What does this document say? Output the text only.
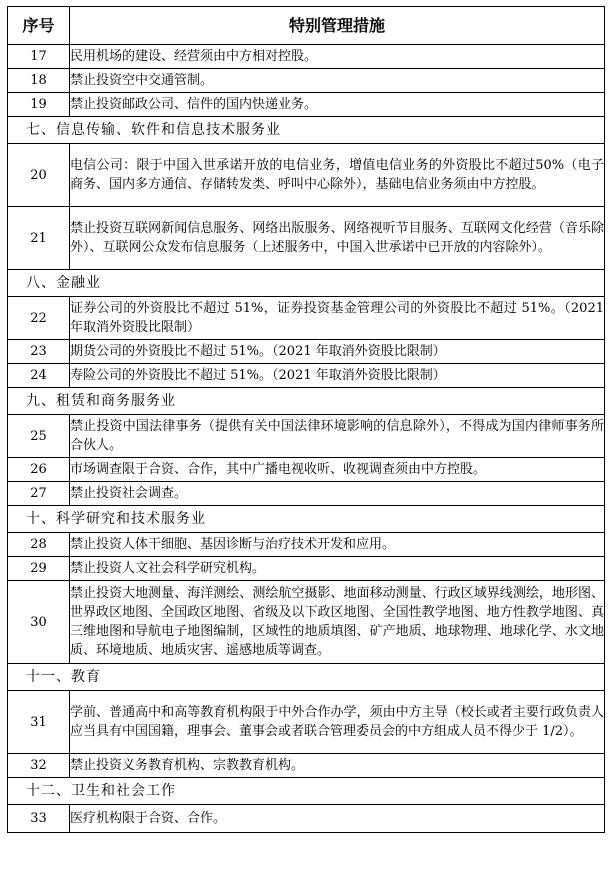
序号	特别管理措施
17	民用机场的建设、经营须由中方相对控股。
18	禁止投资空中交通管制。
19	禁止投资邮政公司、信件的国内快递业务。
七、信息传输、软件和信息技术服务业	
20	电信公司：限于中国入世承诺开放的电信业务，增值电信业务的外资股比不超过50%（电子商务、国内多方通信、存储转发类、呼叫中心除外），基础电信业务须由中方控股。
21	禁止投资互联网新闻信息服务、网络出版服务、网络视听节目服务、互联网文化经营（音乐除外）、互联网公众发布信息服务（上述服务中，中国入世承诺中已开放的内容除外）。
八、金融业	
22	证券公司的外资股比不超过 51%，证券投资基金管理公司的外资股比不超过 51%。（2021 年取消外资股比限制）
23	期货公司的外资股比不超过 51%。（2021 年取消外资股比限制）
24	寿险公司的外资股比不超过 51%。（2021 年取消外资股比限制）
九、租赁和商务服务业	
25	禁止投资中国法律事务（提供有关中国法律环境影响的信息除外），不得成为国内律师事务所合伙人。
26	市场调查限于合资、合作，其中广播电视收听、收视调查须由中方控股。
27	禁止投资社会调查。
十、科学研究和技术服务业	
28	禁止投资人体干细胞、基因诊断与治疗技术开发和应用。
29	禁止投资人文社会科学研究机构。
30	禁止投资大地测量、海洋测绘、测绘航空摄影、地面移动测量、行政区域界线测绘，地形图、世界政区地图、全国政区地图、省级及以下政区地图、全国性教学地图、地方性教学地图、真三维地图和导航电子地图编制，区域性的地质填图、矿产地质、地球物理、地球化学、水文地质、环境地质、地质灾害、遥感地质等调查。
十一、教育	
31	学前、普通高中和高等教育机构限于中外合作办学，须由中方主导（校长或者主要行政负责人应当具有中国国籍，理事会、董事会或者联合管理委员会的中方组成人员不得少于 1/2）。
32	禁止投资义务教育机构、宗教教育机构。
十二、卫生和社会工作	
33	医疗机构限于合资、合作。
